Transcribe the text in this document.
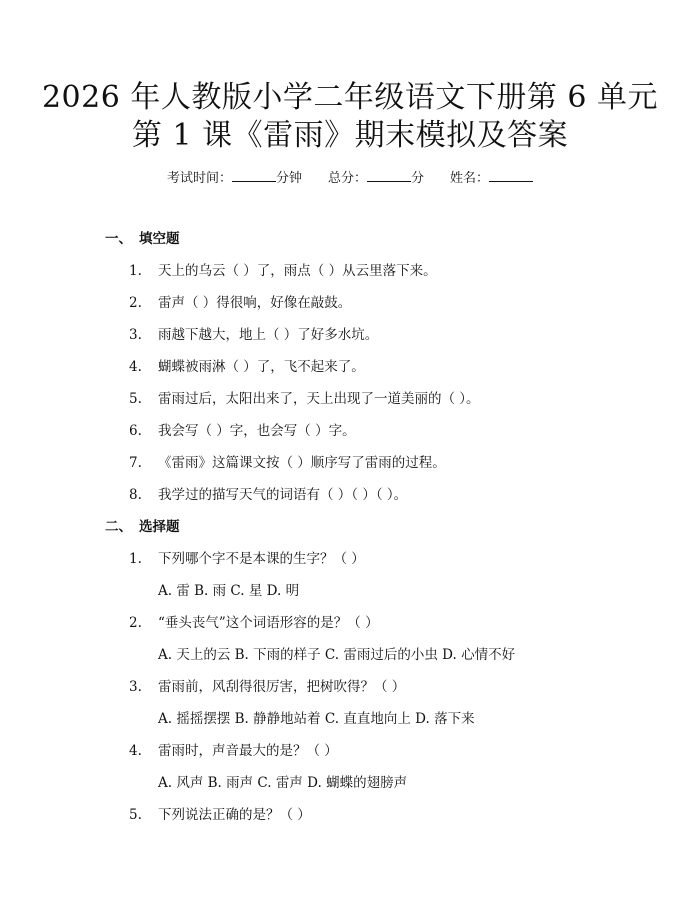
2026 年人教版小学二年级语文下册第 6 单元
第 1 课《雷雨》期末模拟及答案
考试时间：	分钟 总分：	分 姓名：
一、 填空题
1. 天上的乌云（ ）了，雨点（ ）从云里落下来。
2. 雷声（ ）得很响，好像在敲鼓。
3. 雨越下越大，地上（ ）了好多水坑。
4. 蝴蝶被雨淋（ ）了，飞不起来了。
5. 雷雨过后，太阳出来了，天上出现了一道美丽的（ ）。
6. 我会写（ ）字，也会写（ ）字。
7. 《雷雨》这篇课文按（ ）顺序写了雷雨的过程。
8. 我学过的描写天气的词语有（ ）（ ）（ ）。
二、 选择题
1. 下列哪个字不是本课的生字？（ ）
A. 雷 B. 雨 C. 星 D. 明
2. “垂头丧气”这个词语形容的是？（ ）
A. 天上的云 B. 下雨的样子 C. 雷雨过后的小虫 D. 心情不好
3. 雷雨前，风刮得很厉害，把树吹得？（ ）
A. 摇摇摆摆 B. 静静地站着 C. 直直地向上 D. 落下来
4. 雷雨时，声音最大的是？（ ）
A. 风声 B. 雨声 C. 雷声 D. 蝴蝶的翅膀声
5. 下列说法正确的是？（ ）
